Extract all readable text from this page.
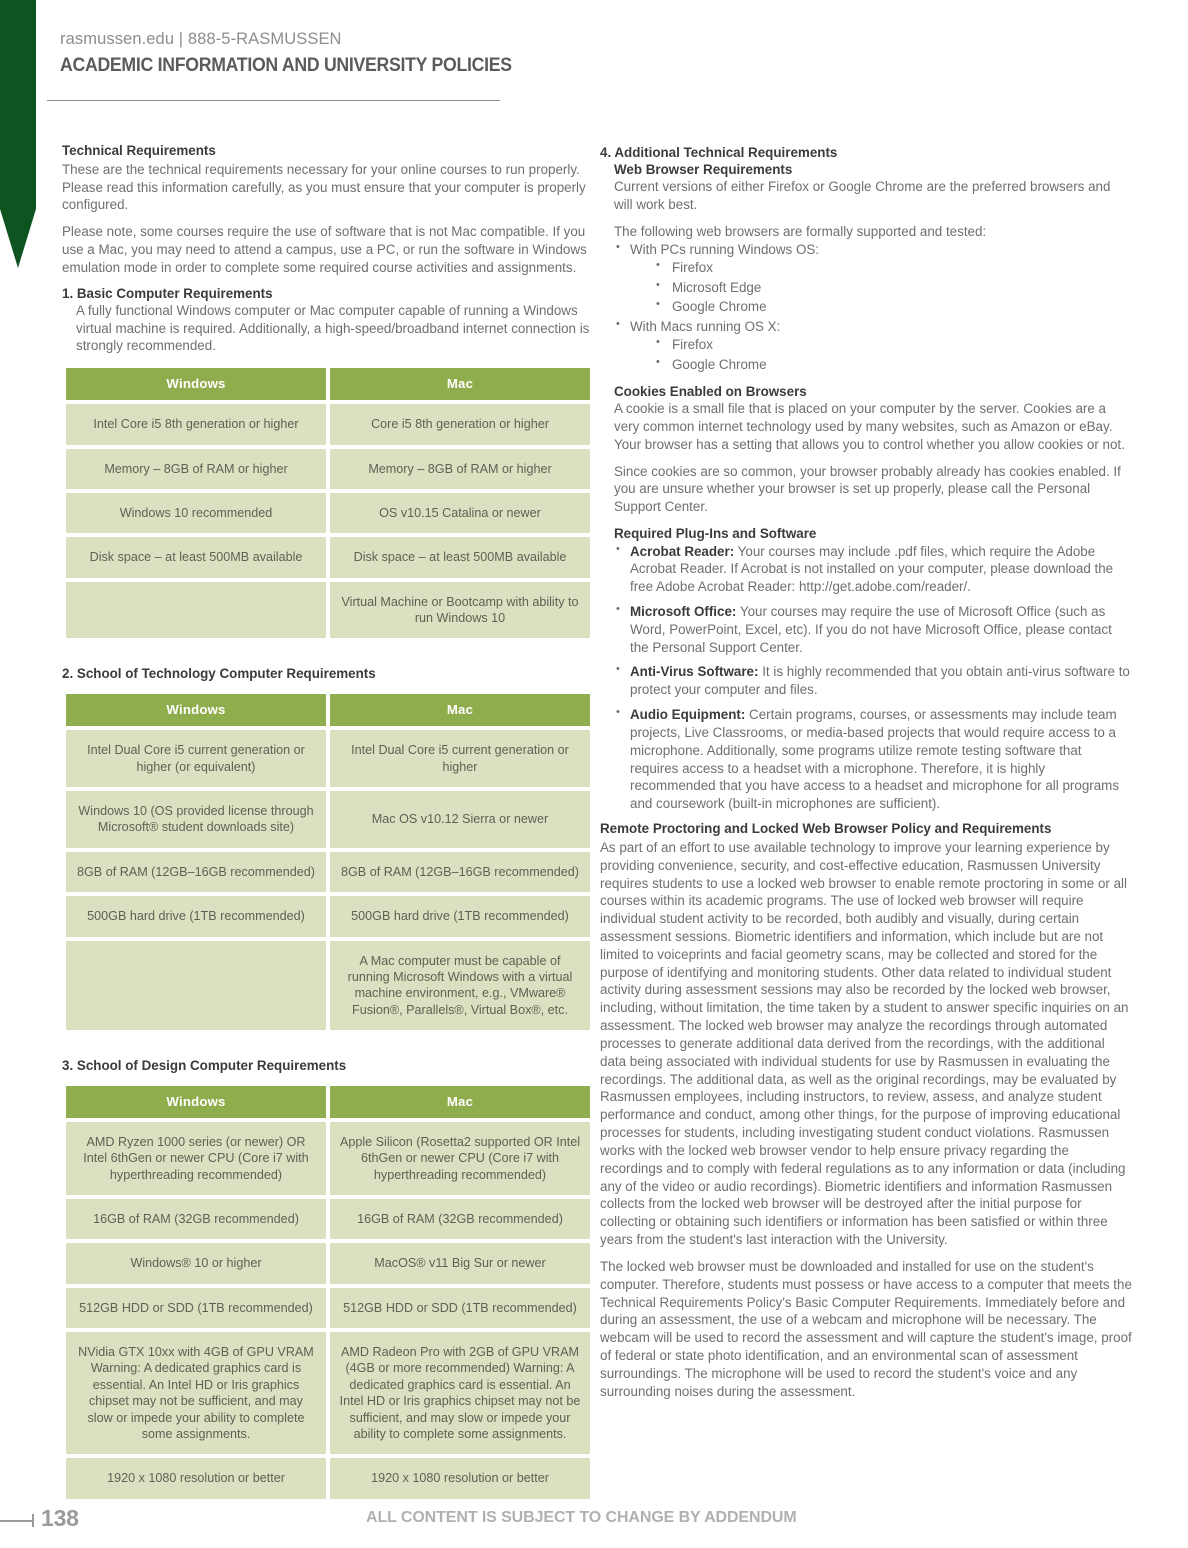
rasmussen.edu | 888-5-RASMUSSEN
ACADEMIC INFORMATION AND UNIVERSITY POLICIES
Technical Requirements

These are the technical requirements necessary for your online courses to run properly. Please read this information carefully, as you must ensure that your computer is properly configured.

Please note, some courses require the use of software that is not Mac compatible. If you use a Mac, you may need to attend a campus, use a PC, or run the software in Windows emulation mode in order to complete some required course activities and assignments.

1. Basic Computer Requirements
A fully functional Windows computer or Mac computer capable of running a Windows virtual machine is required. Additionally, a high-speed/broadband internet connection is strongly recommended.
Windows	Mac
Intel Core i5 8th generation or higher	Core i5 8th generation or higher
Memory – 8GB of RAM or higher	Memory – 8GB of RAM or higher
Windows 10 recommended	OS v10.15 Catalina or newer
Disk space – at least 500MB available	Disk space – at least 500MB available
	Virtual Machine or Bootcamp with ability to run Windows 10
2. School of Technology Computer Requirements
Windows	Mac
Intel Dual Core i5 current generation or higher (or equivalent)	Intel Dual Core i5 current generation or higher
Windows 10 (OS provided license through Microsoft® student downloads site)	Mac OS v10.12 Sierra or newer
8GB of RAM (12GB–16GB recommended)	8GB of RAM (12GB–16GB recommended)
500GB hard drive (1TB recommended)	500GB hard drive (1TB recommended)
	A Mac computer must be capable of running Microsoft Windows with a virtual machine environment, e.g., VMware® Fusion®, Parallels®, Virtual Box®, etc.
3. School of Design Computer Requirements
Windows	Mac
AMD Ryzen 1000 series (or newer) OR Intel 6thGen or newer CPU (Core i7 with hyperthreading recommended)	Apple Silicon (Rosetta2 supported OR Intel 6thGen or newer CPU (Core i7 with hyperthreading recommended)
16GB of RAM (32GB recommended)	16GB of RAM (32GB recommended)
Windows® 10 or higher	MacOS® v11 Big Sur or newer
512GB HDD or SDD (1TB recommended)	512GB HDD or SDD (1TB recommended)
NVidia GTX 10xx with 4GB of GPU VRAM Warning: A dedicated graphics card is essential. An Intel HD or Iris graphics chipset may not be sufficient, and may slow or impede your ability to complete some assignments.	AMD Radeon Pro with 2GB of GPU VRAM (4GB or more recommended) Warning: A dedicated graphics card is essential. An Intel HD or Iris graphics chipset may not be sufficient, and may slow or impede your ability to complete some assignments.
1920 x 1080 resolution or better	1920 x 1080 resolution or better
4. Additional Technical Requirements
Web Browser Requirements

Current versions of either Firefox or Google Chrome are the preferred browsers and will work best.

The following web browsers are formally supported and tested:

• With PCs running Windows OS:
• Firefox
• Microsoft Edge
• Google Chrome
• With Macs running OS X:
• Firefox
• Google Chrome
Cookies Enabled on Browsers

A cookie is a small file that is placed on your computer by the server. Cookies are a very common internet technology used by many websites, such as Amazon or eBay. Your browser has a setting that allows you to control whether you allow cookies or not.

Since cookies are so common, your browser probably already has cookies enabled. If you are unsure whether your browser is set up properly, please call the Personal Support Center.

Required Plug-Ins and Software
• Acrobat Reader: Your courses may include .pdf files, which require the Adobe Acrobat Reader. If Acrobat is not installed on your computer, please download the free Adobe Acrobat Reader: http://get.adobe.com/reader/.
• Microsoft Office: Your courses may require the use of Microsoft Office (such as Word, PowerPoint, Excel, etc). If you do not have Microsoft Office, please contact the Personal Support Center.
• Anti-Virus Software: It is highly recommended that you obtain anti-virus software to protect your computer and files.
• Audio Equipment: Certain programs, courses, or assessments may include team projects, Live Classrooms, or media-based projects that would require access to a microphone. Additionally, some programs utilize remote testing software that requires access to a headset with a microphone. Therefore, it is highly recommended that you have access to a headset and microphone for all programs and coursework (built-in microphones are sufficient).
Remote Proctoring and Locked Web Browser Policy and Requirements

As part of an effort to use available technology to improve your learning experience by providing convenience, security, and cost-effective education, Rasmussen University requires students to use a locked web browser to enable remote proctoring in some or all courses within its academic programs. The use of locked web browser will require individual student activity to be recorded, both audibly and visually, during certain assessment sessions. Biometric identifiers and information, which include but are not limited to voiceprints and facial geometry scans, may be collected and stored for the purpose of identifying and monitoring students. Other data related to individual student activity during assessment sessions may also be recorded by the locked web browser, including, without limitation, the time taken by a student to answer specific inquiries on an assessment. The locked web browser may analyze the recordings through automated processes to generate additional data derived from the recordings, with the additional data being associated with individual students for use by Rasmussen in evaluating the recordings. The additional data, as well as the original recordings, may be evaluated by Rasmussen employees, including instructors, to review, assess, and analyze student performance and conduct, among other things, for the purpose of improving educational processes for students, including investigating student conduct violations. Rasmussen works with the locked web browser vendor to help ensure privacy regarding the recordings and to comply with federal regulations as to any information or data (including any of the video or audio recordings). Biometric identifiers and information Rasmussen collects from the locked web browser will be destroyed after the initial purpose for collecting or obtaining such identifiers or information has been satisfied or within three years from the student's last interaction with the University.

The locked web browser must be downloaded and installed for use on the student's computer. Therefore, students must possess or have access to a computer that meets the Technical Requirements Policy's Basic Computer Requirements. Immediately before and during an assessment, the use of a webcam and microphone will be necessary. The webcam will be used to record the assessment and will capture the student's image, proof of federal or state photo identification, and an environmental scan of assessment surroundings. The microphone will be used to record the student's voice and any surrounding noises during the assessment.

138	ALL CONTENT IS SUBJECT TO CHANGE BY ADDENDUM
